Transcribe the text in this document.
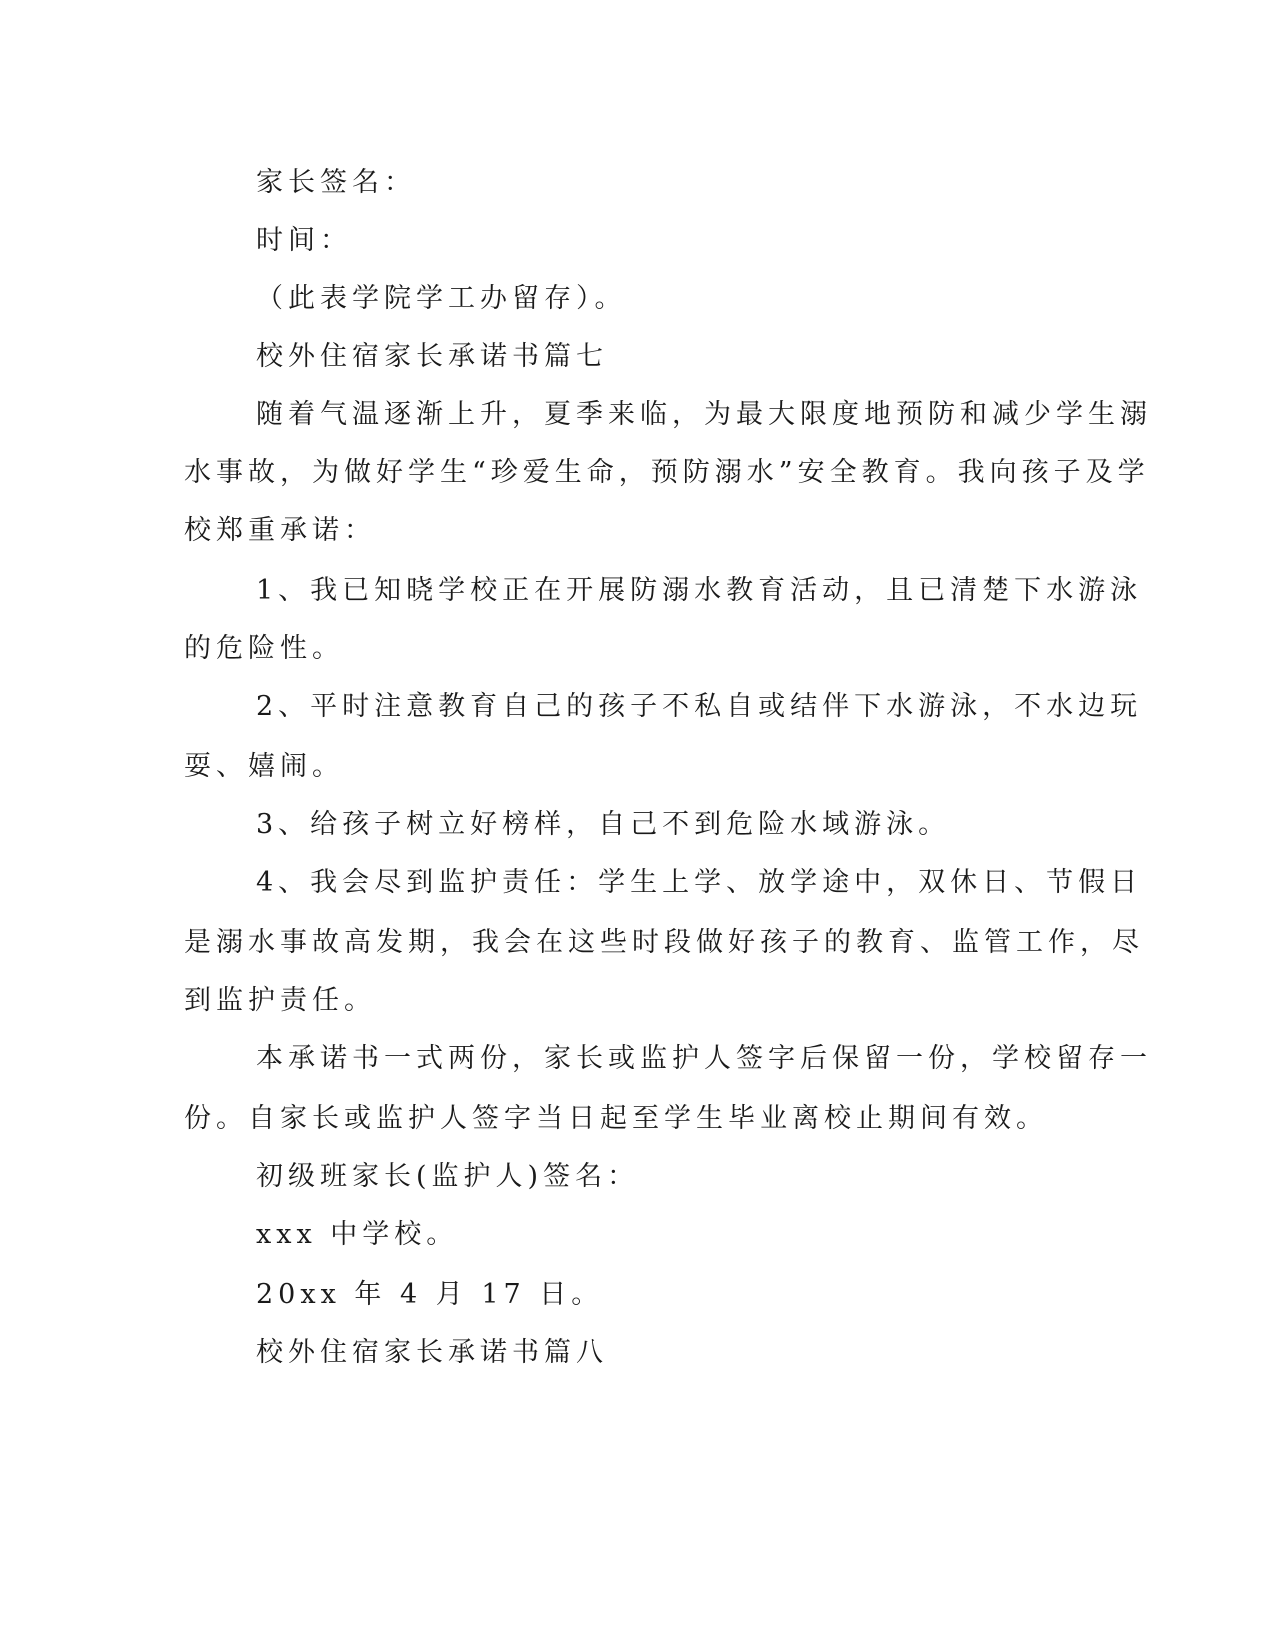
家长签名：

时间：

（此表学院学工办留存）。

校外住宿家长承诺书篇七

随着气温逐渐上升，夏季来临，为最大限度地预防和减少学生溺

水事故，为做好学生“珍爱生命，预防溺水”安全教育。我向孩子及学

校郑重承诺：

1、我已知晓学校正在开展防溺水教育活动，且已清楚下水游泳

的危险性。

2、平时注意教育自己的孩子不私自或结伴下水游泳，不水边玩

耍、嬉闹。

3、给孩子树立好榜样，自己不到危险水域游泳。

4、我会尽到监护责任：学生上学、放学途中，双休日、节假日

是溺水事故高发期，我会在这些时段做好孩子的教育、监管工作，尽

到监护责任。

本承诺书一式两份，家长或监护人签字后保留一份，学校留存一

份。自家长或监护人签字当日起至学生毕业离校止期间有效。

初级班家长(监护人)签名：

xxx 中学校。

20xx 年 4 月 17 日。

校外住宿家长承诺书篇八
